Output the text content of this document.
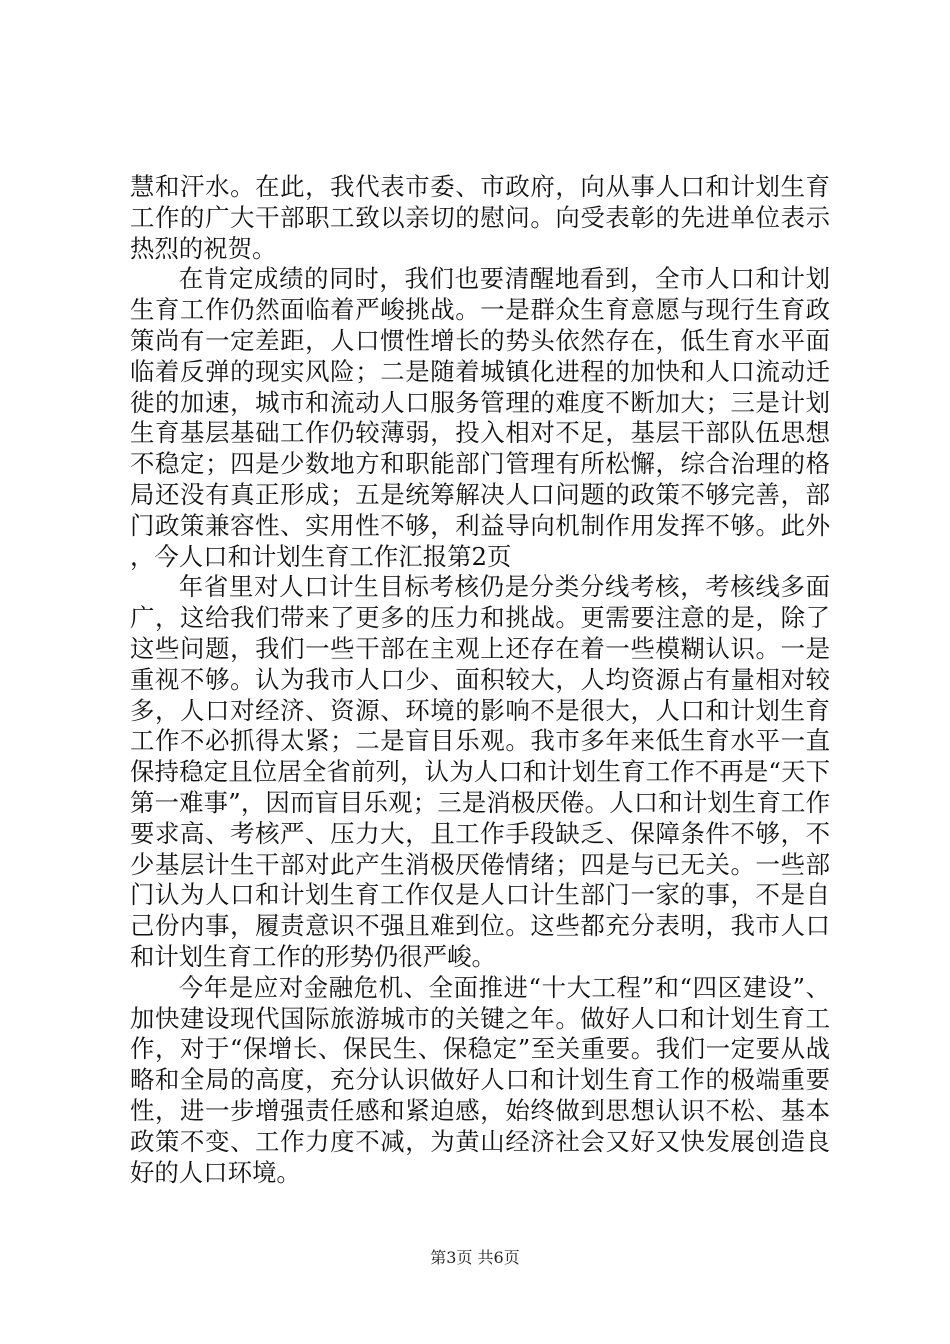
慧和汗水。在此，我代表市委、市政府，向从事人口和计划生育工作的广大干部职工致以亲切的慰问。向受表彰的先进单位表示热烈的祝贺。

在肯定成绩的同时，我们也要清醒地看到，全市人口和计划生育工作仍然面临着严峻挑战。一是群众生育意愿与现行生育政策尚有一定差距，人口惯性增长的势头依然存在，低生育水平面临着反弹的现实风险；二是随着城镇化进程的加快和人口流动迁徙的加速，城市和流动人口服务管理的难度不断加大；三是计划生育基层基础工作仍较薄弱，投入相对不足，基层干部队伍思想不稳定；四是少数地方和职能部门管理有所松懈，综合治理的格局还没有真正形成；五是统筹解决人口问题的政策不够完善，部门政策兼容性、实用性不够，利益导向机制作用发挥不够。此外，今人口和计划生育工作汇报第2页

年省里对人口计生目标考核仍是分类分线考核，考核线多面广，这给我们带来了更多的压力和挑战。更需要注意的是，除了这些问题，我们一些干部在主观上还存在着一些模糊认识。一是重视不够。认为我市人口少、面积较大，人均资源占有量相对较多，人口对经济、资源、环境的影响不是很大，人口和计划生育工作不必抓得太紧；二是盲目乐观。我市多年来低生育水平一直保持稳定且位居全省前列，认为人口和计划生育工作不再是“天下第一难事”，因而盲目乐观；三是消极厌倦。人口和计划生育工作要求高、考核严、压力大，且工作手段缺乏、保障条件不够，不少基层计生干部对此产生消极厌倦情绪；四是与已无关。一些部门认为人口和计划生育工作仅是人口计生部门一家的事，不是自己份内事，履责意识不强且难到位。这些都充分表明，我市人口和计划生育工作的形势仍很严峻。

今年是应对金融危机、全面推进“十大工程”和“四区建设”、加快建设现代国际旅游城市的关键之年。做好人口和计划生育工作，对于“保增长、保民生、保稳定”至关重要。我们一定要从战略和全局的高度，充分认识做好人口和计划生育工作的极端重要性，进一步增强责任感和紧迫感，始终做到思想认识不松、基本政策不变、工作力度不减，为黄山经济社会又好又快发展创造良好的人口环境。

第3页 共6页
